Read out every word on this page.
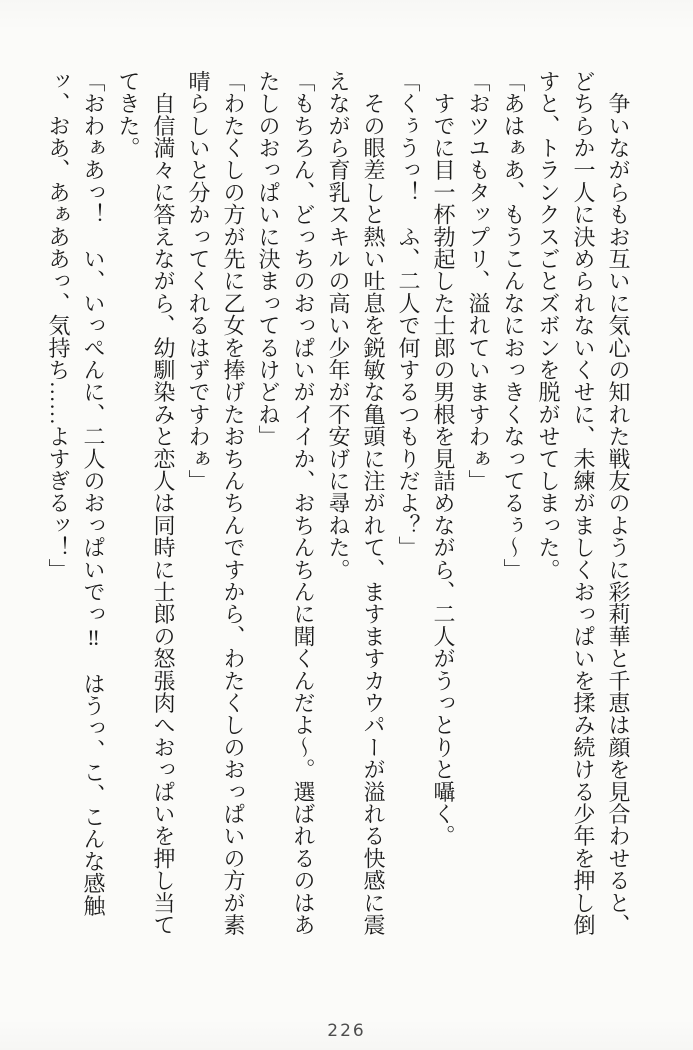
　争いながらもお互いに気心の知れた戦友のように彩莉華と千恵は顔を見合わせると、どちらか一人に決められないくせに、未練がましくおっぱいを揉み続ける少年を押し倒すと、トランクスごとズボンを脱がせてしまった。

「あはぁあ、もうこんなにおっきくなってるぅ～」

「おツユもタップリ、溢れていますわぁ」

　すでに目一杯勃起した士郎の男根を見詰めながら、二人がうっとりと囁く。

「くぅうっ！　ふ、二人で何するつもりだよ？」

　その眼差しと熱い吐息を鋭敏な亀頭に注がれて、ますますカウパーが溢れる快感に震えながら育乳スキルの高い少年が不安げに尋ねた。

「もちろん、どっちのおっぱいがイイか、おちんちんに聞くんだよ～。選ばれるのはあたしのおっぱいに決まってるけどね」

「わたくしの方が先に乙女を捧げたおちんちんですから、わたくしのおっぱいの方が素晴らしいと分かってくれるはずですわぁ」

　自信満々に答えながら、幼馴染みと恋人は同時に士郎の怒張肉へおっぱいを押し当ててきた。

「おわぁあっ！　い、いっぺんに、二人のおっぱいでっ‼　はうっ、こ、こんな感触ッ、おあ、あぁああっ、気持ち……よすぎるッ！」

226
